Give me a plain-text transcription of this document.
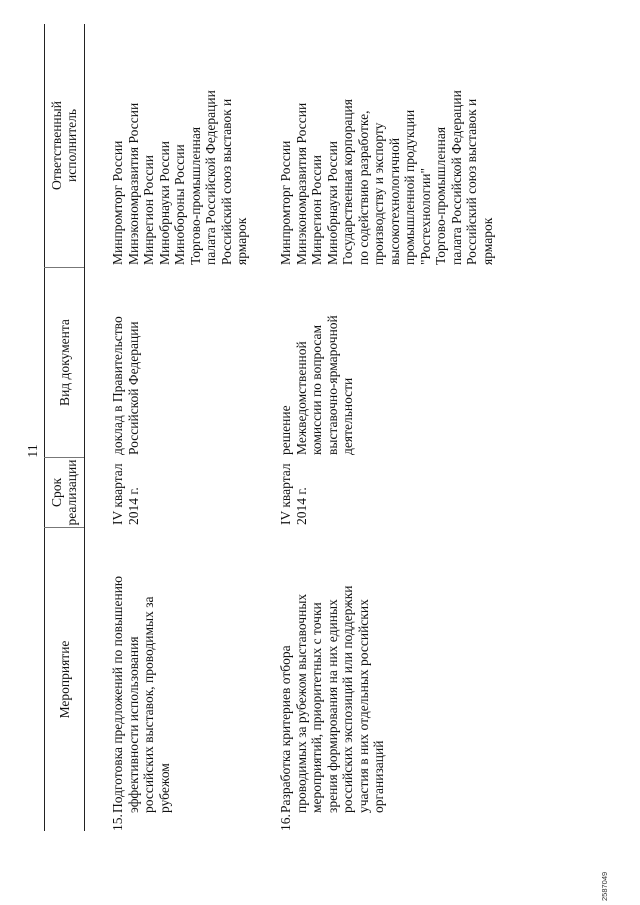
11
Мероприятие
Срок реализации
Вид документа
Ответственный исполнитель
15.
Подготовка предложений по повышению
эффективности использования
российских выставок, проводимых за
рубежом
IV квартал
2014 г.
доклад в Правительство
Российской Федерации
Минпромторг России
Минэкономразвития России
Минрегион России
Минобрнауки России
Минобороны России
Торгово-промышленная
палата Российской Федерации
Российский союз выставок и
ярмарок
16.
Разработка критериев отбора
проводимых за рубежом выставочных
мероприятий, приоритетных с точки
зрения формирования на них единых
российских экспозиций или поддержки
участия в них отдельных российских
организаций
IV квартал
2014 г.
решение
Межведомственной
комиссии по вопросам
выставочно-ярмарочной
деятельности
Минпромторг России
Минэкономразвития России
Минрегион России
Минобрнауки России
Государственная корпорация
по содействию разработке,
производству и экспорту
высокотехнологичной
промышленной продукции
"Ростехнологии"
Торгово-промышленная
палата Российской Федерации
Российский союз выставок и
ярмарок
2587049
